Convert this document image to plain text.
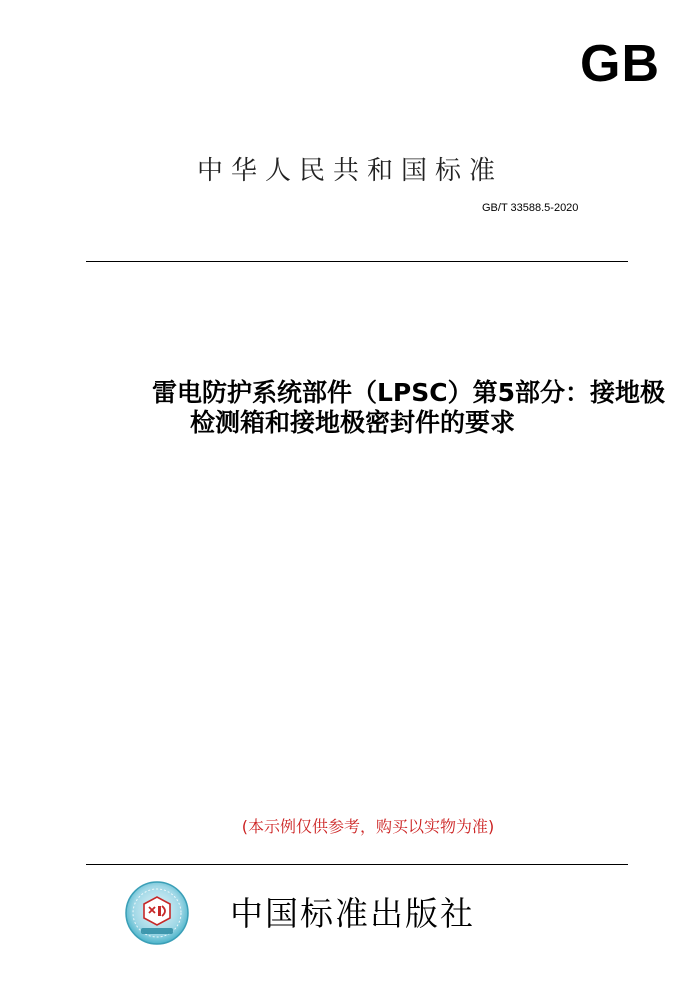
GB
中华人民共和国标准
GB/T 33588.5-2020
雷电防护系统部件（LPSC）第5部分：接地极
检测箱和接地极密封件的要求
(本示例仅供参考，购买以实物为准)
中国标准出版社
